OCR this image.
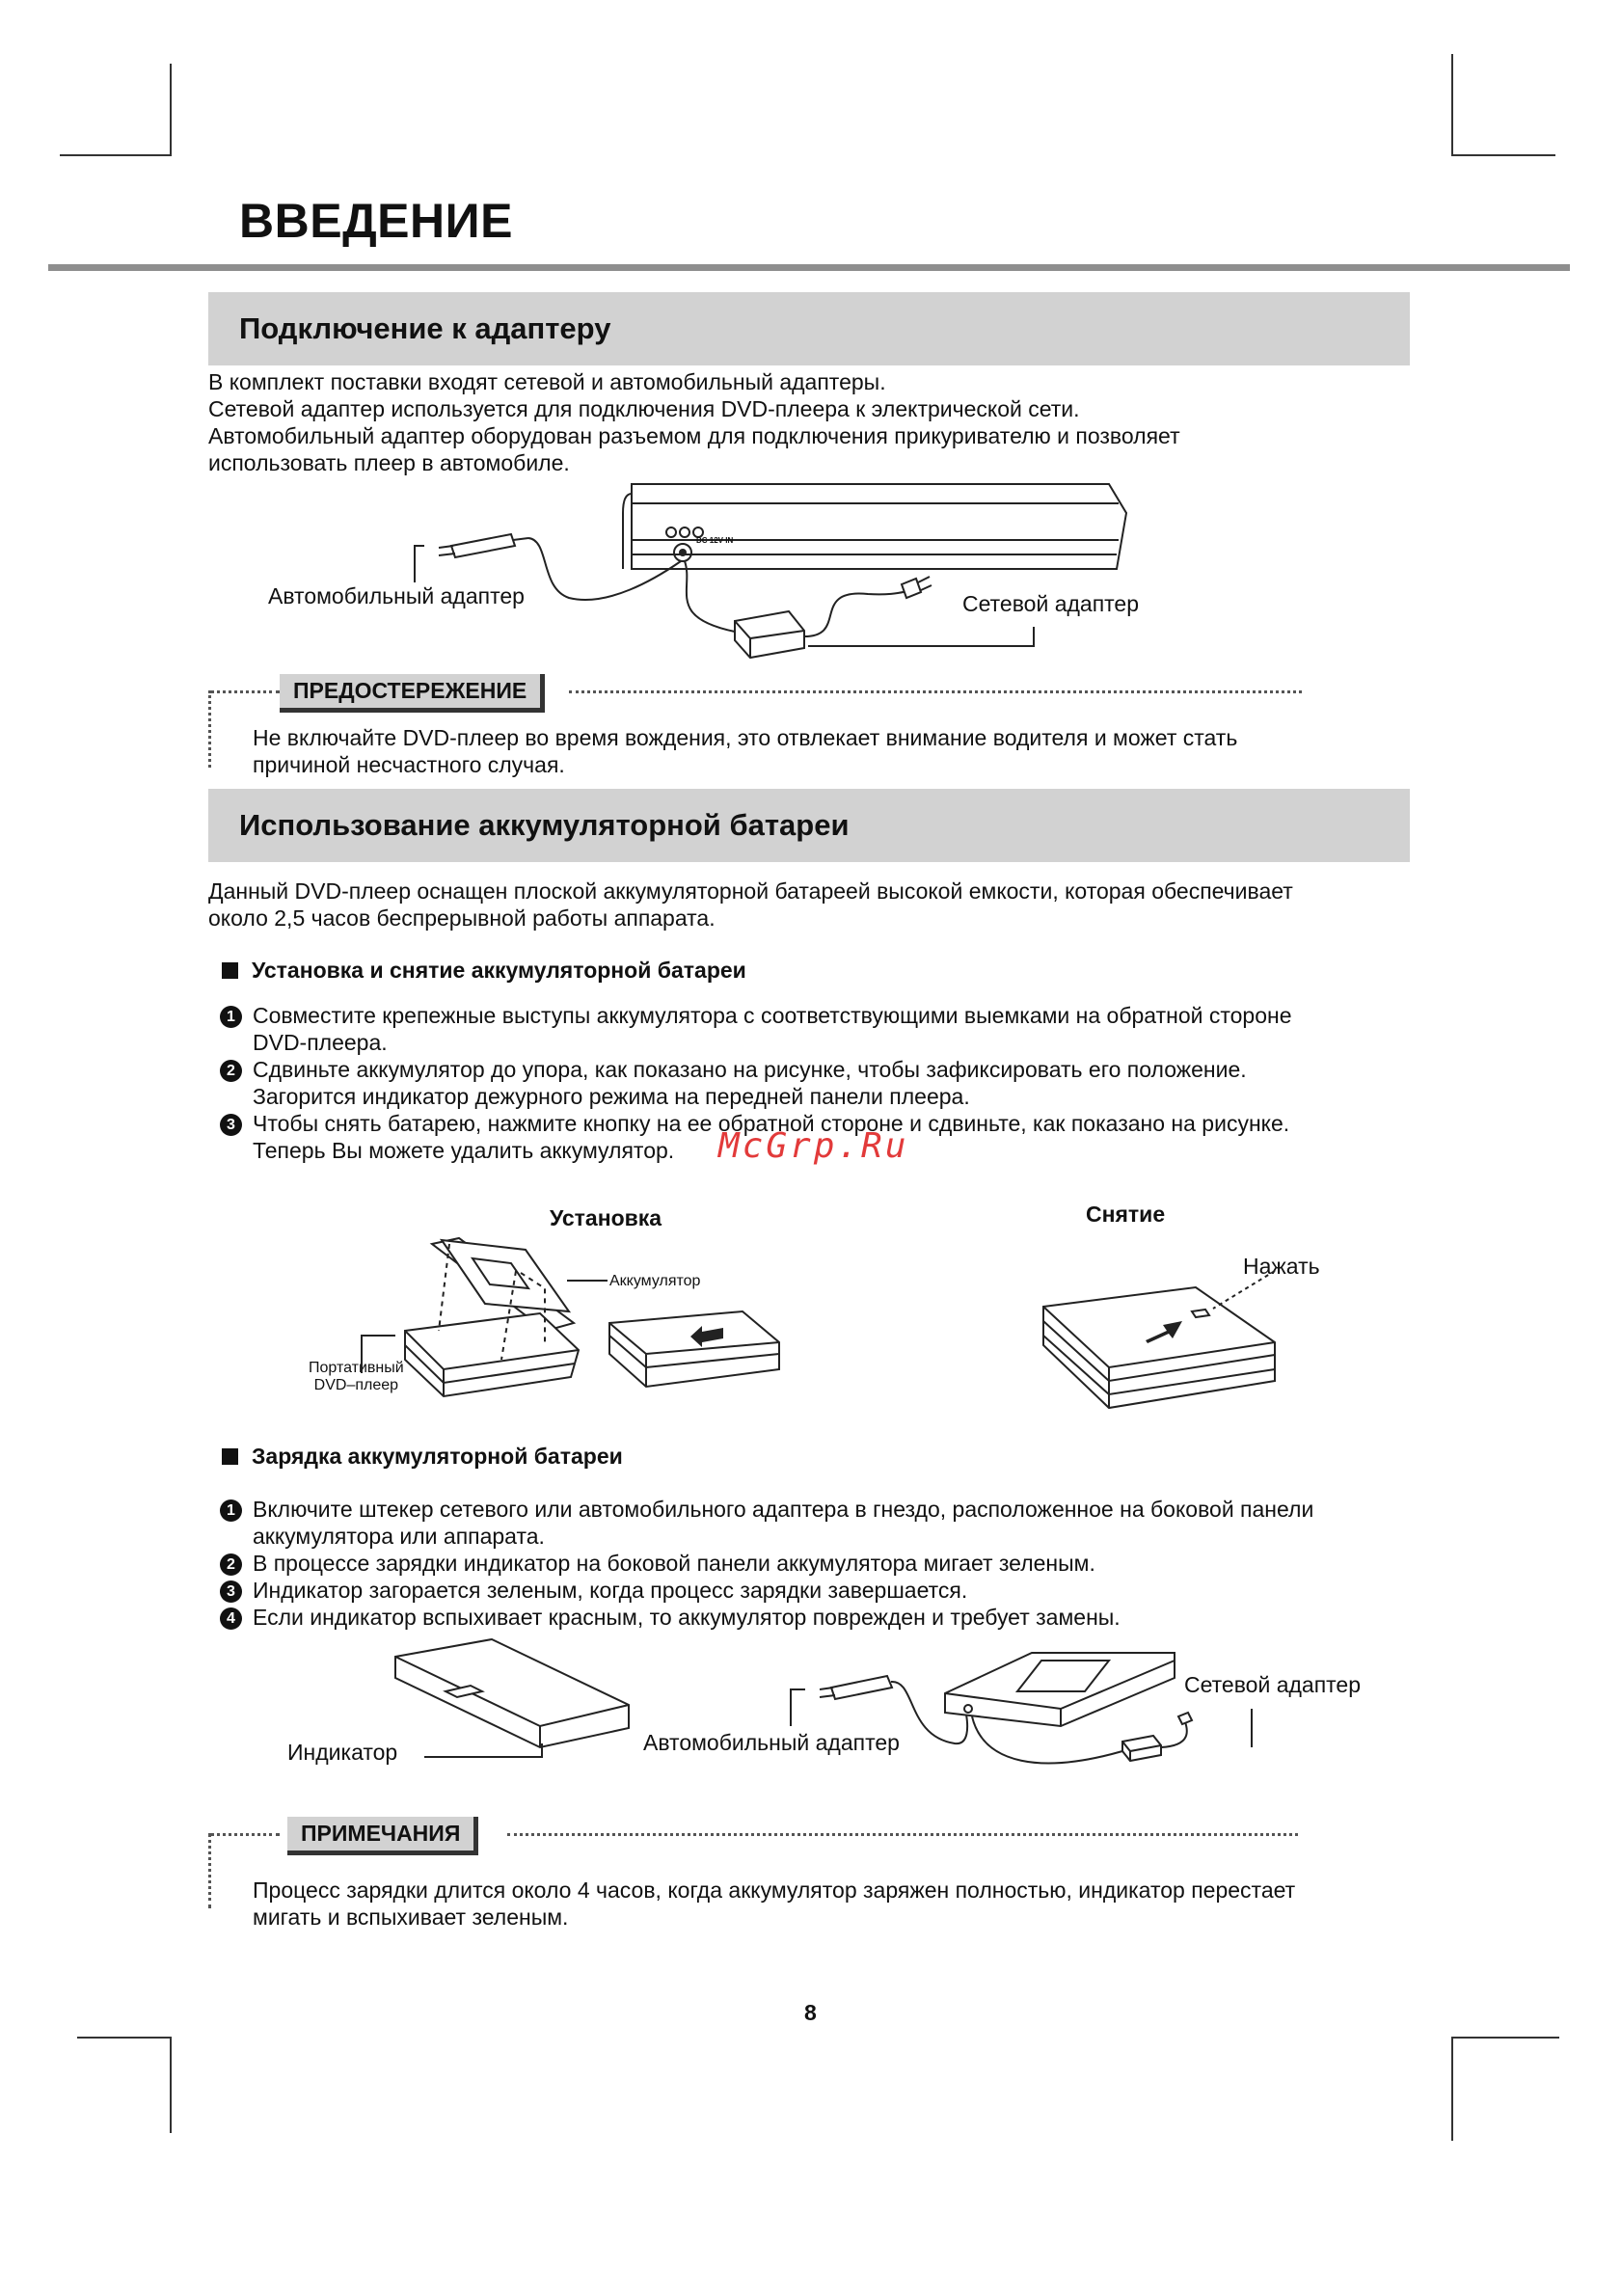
ВВЕДЕНИЕ
Подключение к адаптеру
В комплект поставки входят сетевой и автомобильный адаптеры.
Сетевой адаптер используется для подключения DVD-плеера к электрической сети.
Автомобильный адаптер оборудован разъемом для подключения прикуривателю и позволяет
использовать плеер в автомобиле.
Автомобильный адаптер	Сетевой адаптер
DC 12V IN
ПРЕДОСТЕРЕЖЕНИЕ
Не включайте DVD-плеер во время вождения, это отвлекает внимание водителя и может стать
причиной несчастного случая.
Использование аккумуляторной батареи
Данный DVD-плеер оснащен плоской аккумуляторной батареей высокой емкости, которая обеспечивает
около 2,5 часов беспрерывной работы аппарата.
Установка и снятие аккумуляторной батареи
1 Совместите крепежные выступы аккумулятора с соответствующими выемками на обратной стороне
DVD-плеера.
2 Сдвиньте аккумулятор до упора, как показано на рисунке, чтобы зафиксировать его положение.
Загорится индикатор дежурного режима на передней панели плеера.
3 Чтобы снять батарею, нажмите кнопку на ее обратной стороне и сдвиньте, как показано на рисунке.
Теперь Вы можете удалить аккумулятор.	McGrp.Ru
Установка	Снятие
Аккумулятор
Портативный
DVD–плеер
Нажать
Зарядка аккумуляторной батареи
1 Включите штекер сетевого или автомобильного адаптера в гнездо, расположенное на боковой панели
аккумулятора или аппарата.
2 В процессе зарядки индикатор на боковой панели аккумулятора мигает зеленым.
3 Индикатор загорается зеленым, когда процесс зарядки завершается.
4 Если индикатор вспыхивает красным, то аккумулятор поврежден и требует замены.
Индикатор	Автомобильный адаптер
Сетевой адаптер
ПРИМЕЧАНИЯ
Процесс зарядки длится около 4 часов, когда аккумулятор заряжен полностью, индикатор перестает
мигать и вспыхивает зеленым.
8
